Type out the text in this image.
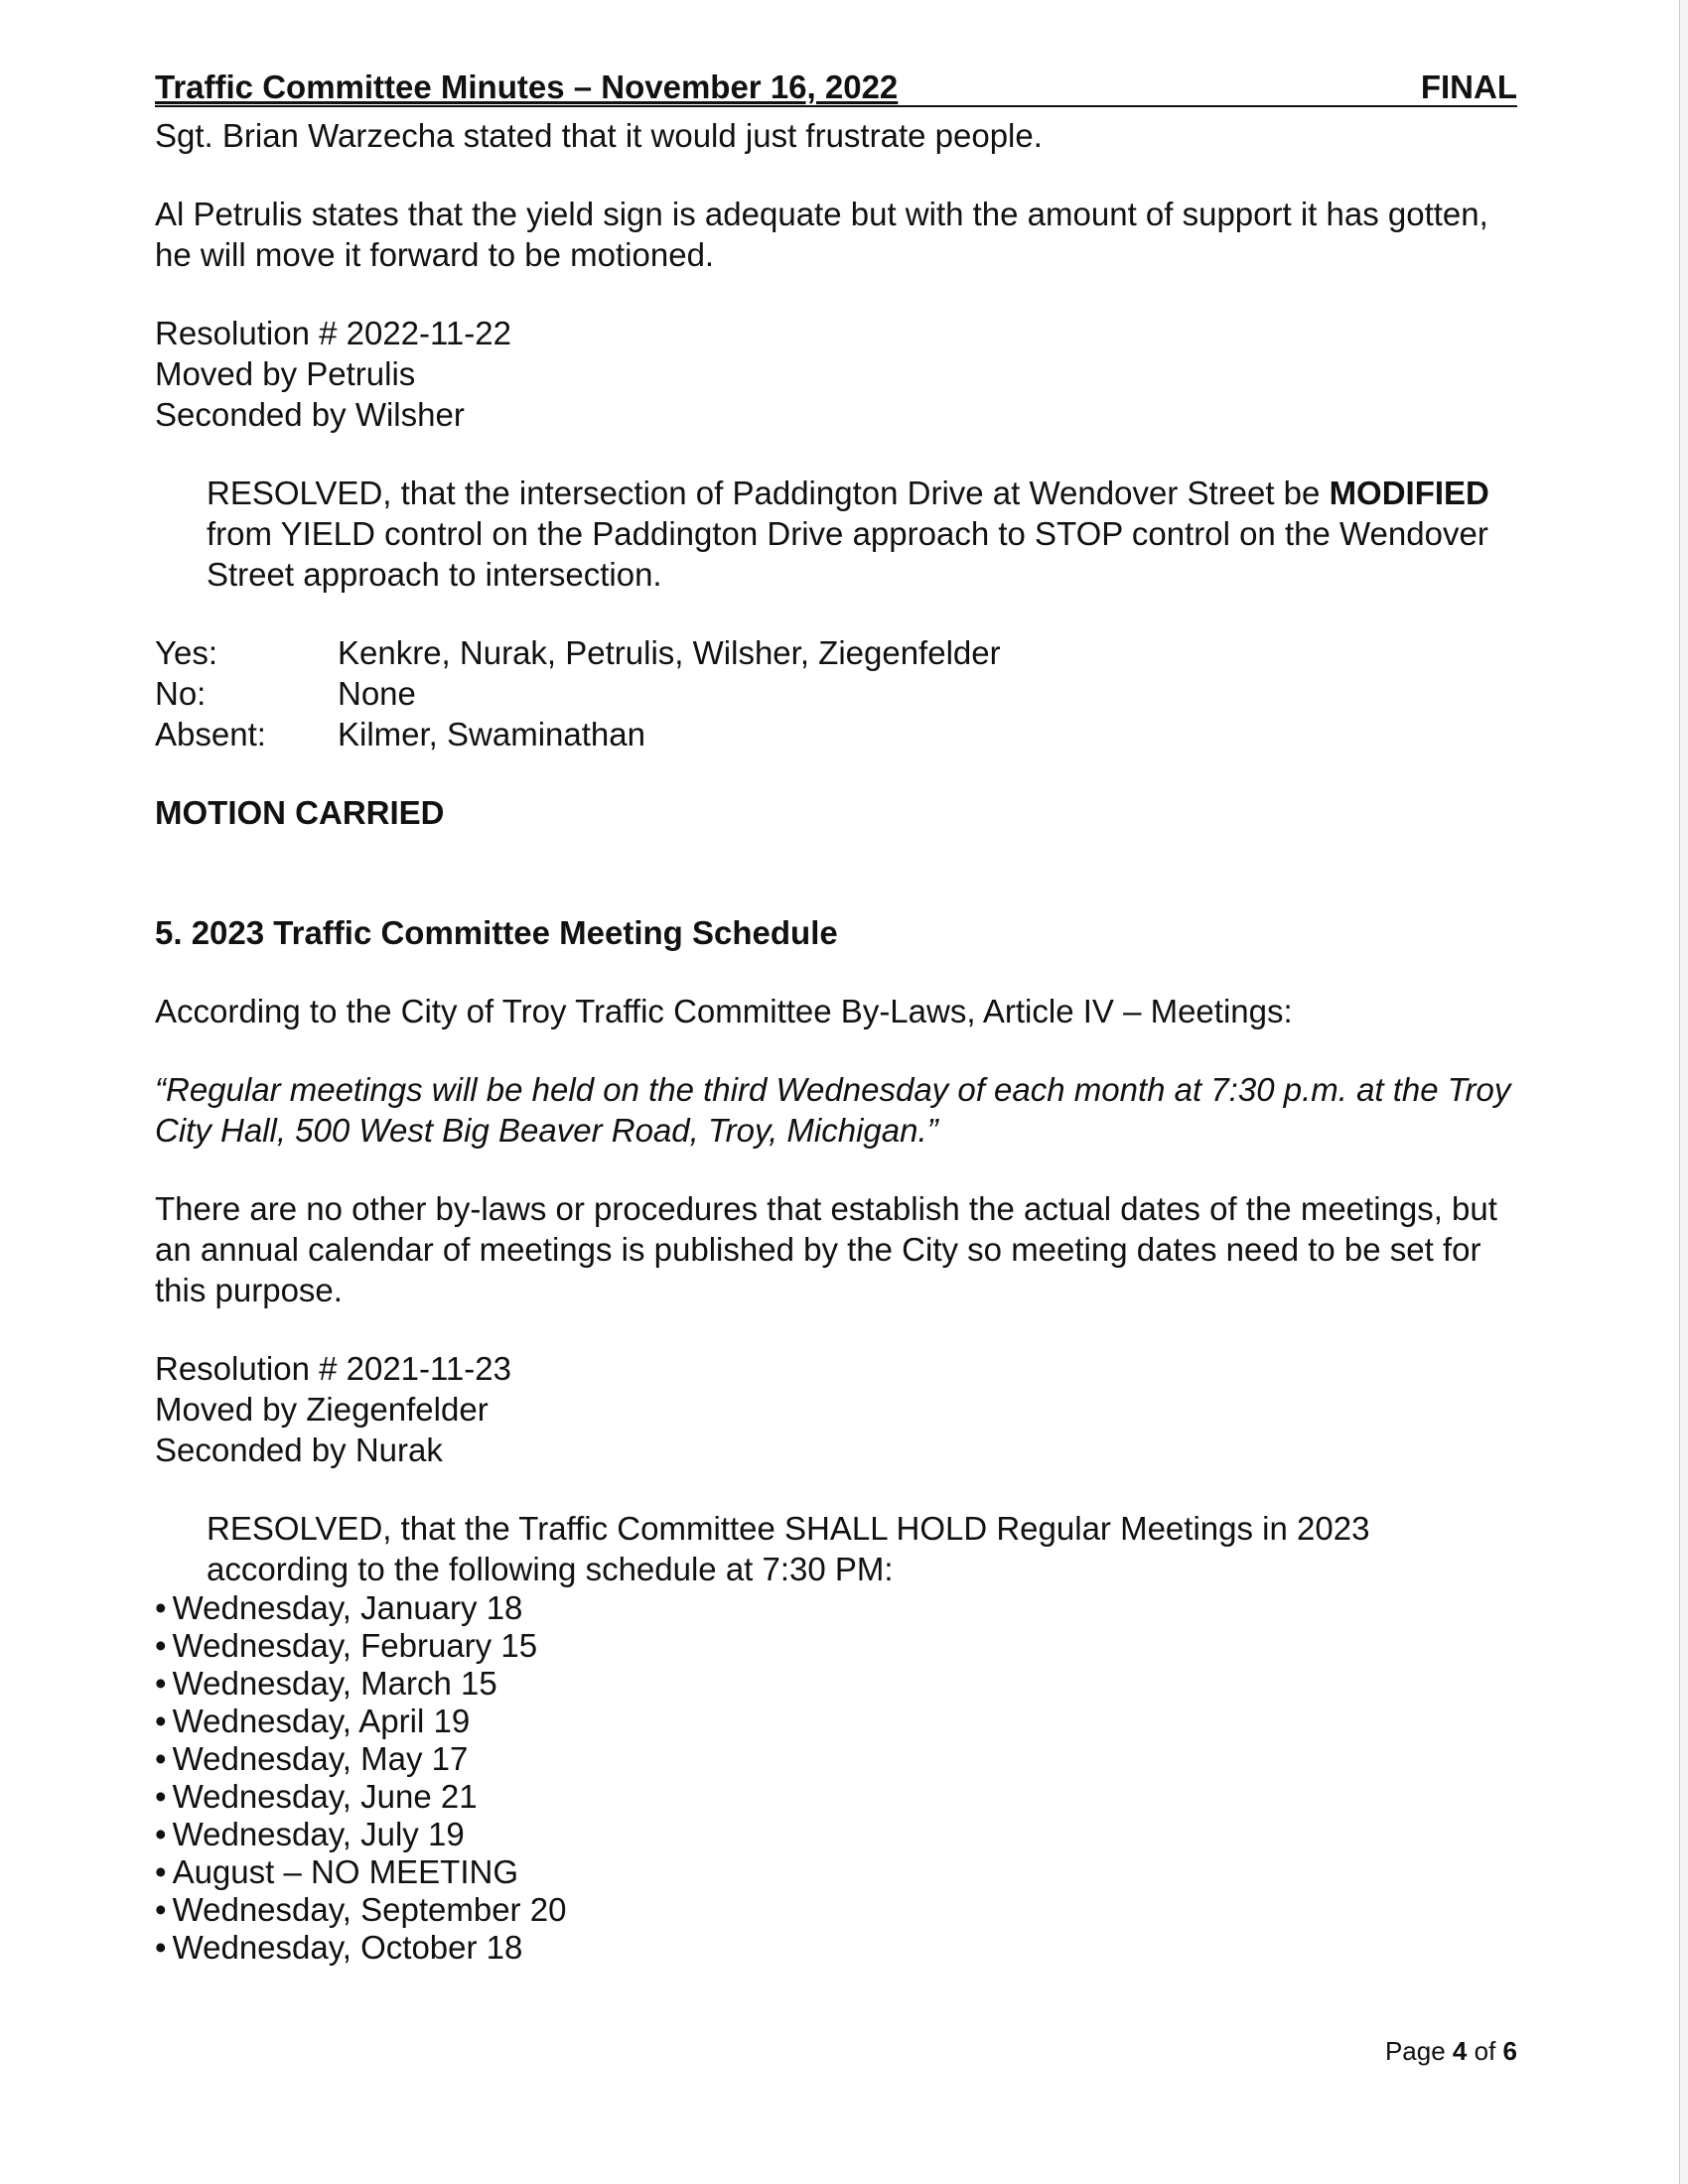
Traffic Committee Minutes – November 16, 2022	FINAL

Sgt. Brian Warzecha stated that it would just frustrate people.

Al Petrulis states that the yield sign is adequate but with the amount of support it has gotten, he will move it forward to be motioned.

Resolution # 2022-11-22

Moved by Petrulis

Seconded by Wilsher

RESOLVED, that the intersection of Paddington Drive at Wendover Street be MODIFIED from YIELD control on the Paddington Drive approach to STOP control on the Wendover Street approach to intersection.

Yes:	Kenkre, Nurak, Petrulis, Wilsher, Ziegenfelder
No:	None
Absent:	Kilmer, Swaminathan

MOTION CARRIED

5. 2023 Traffic Committee Meeting Schedule

According to the City of Troy Traffic Committee By-Laws, Article IV – Meetings:

“Regular meetings will be held on the third Wednesday of each month at 7:30 p.m. at the Troy City Hall, 500 West Big Beaver Road, Troy, Michigan.”

There are no other by-laws or procedures that establish the actual dates of the meetings, but an annual calendar of meetings is published by the City so meeting dates need to be set for this purpose.

Resolution # 2021-11-23

Moved by Ziegenfelder

Seconded by Nurak

RESOLVED, that the Traffic Committee SHALL HOLD Regular Meetings in 2023 according to the following schedule at 7:30 PM:

• Wednesday, January 18
• Wednesday, February 15
• Wednesday, March 15
• Wednesday, April 19
• Wednesday, May 17
• Wednesday, June 21
• Wednesday, July 19
• August – NO MEETING
• Wednesday, September 20
• Wednesday, October 18
Page 4 of 6
